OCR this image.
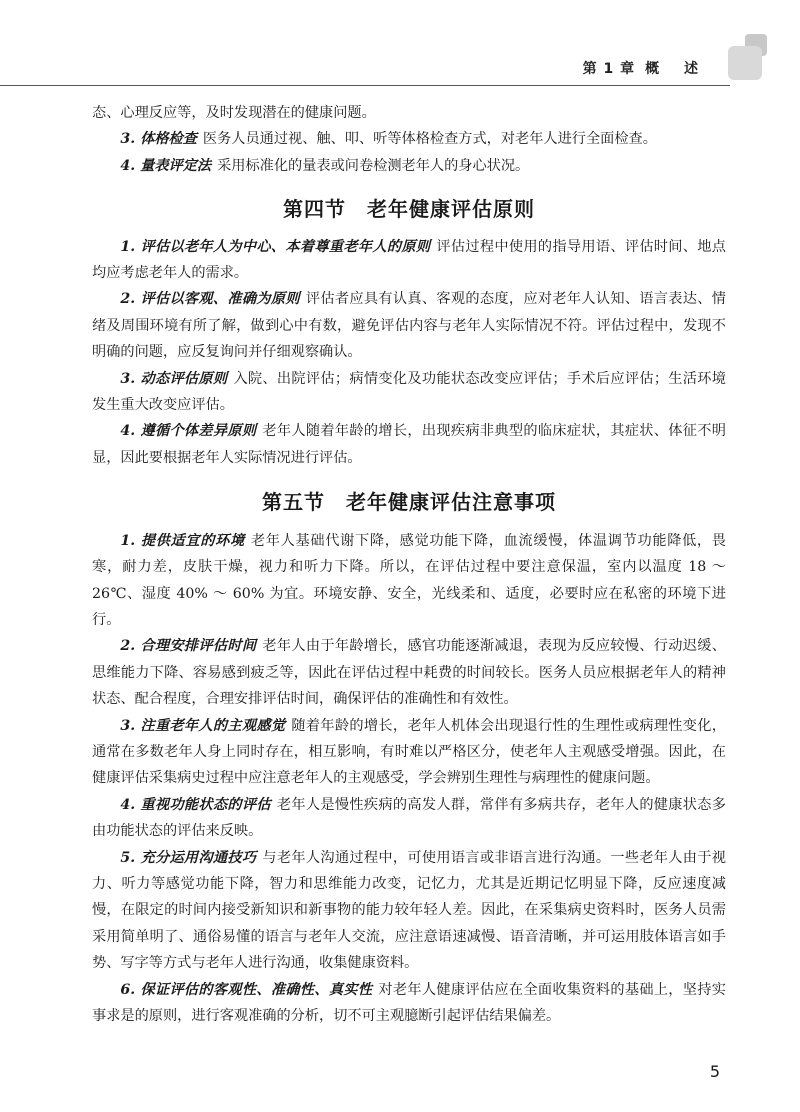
第 1 章 概 述

态、心理反应等，及时发现潜在的健康问题。

3. 体格检查 医务人员通过视、触、叩、听等体格检查方式，对老年人进行全面检查。

4. 量表评定法 采用标准化的量表或问卷检测老年人的身心状况。

第四节　老年健康评估原则

1. 评估以老年人为中心、本着尊重老年人的原则 评估过程中使用的指导用语、评估时间、地点均应考虑老年人的需求。

2. 评估以客观、准确为原则 评估者应具有认真、客观的态度，应对老年人认知、语言表达、情绪及周围环境有所了解，做到心中有数，避免评估内容与老年人实际情况不符。评估过程中，发现不明确的问题，应反复询问并仔细观察确认。

3. 动态评估原则 入院、出院评估；病情变化及功能状态改变应评估；手术后应评估；生活环境发生重大改变应评估。

4. 遵循个体差异原则 老年人随着年龄的增长，出现疾病非典型的临床症状，其症状、体征不明显，因此要根据老年人实际情况进行评估。

第五节　老年健康评估注意事项

1. 提供适宜的环境 老年人基础代谢下降，感觉功能下降，血流缓慢，体温调节功能降低，畏寒，耐力差，皮肤干燥，视力和听力下降。所以，在评估过程中要注意保温，室内以温度 18 ～ 26℃、湿度 40% ～ 60% 为宜。环境安静、安全，光线柔和、适度，必要时应在私密的环境下进行。

2. 合理安排评估时间 老年人由于年龄增长，感官功能逐渐减退，表现为反应较慢、行动迟缓、思维能力下降、容易感到疲乏等，因此在评估过程中耗费的时间较长。医务人员应根据老年人的精神状态、配合程度，合理安排评估时间，确保评估的准确性和有效性。

3. 注重老年人的主观感觉 随着年龄的增长，老年人机体会出现退行性的生理性或病理性变化，通常在多数老年人身上同时存在，相互影响，有时难以严格区分，使老年人主观感受增强。因此，在健康评估采集病史过程中应注意老年人的主观感受，学会辨别生理性与病理性的健康问题。

4. 重视功能状态的评估 老年人是慢性疾病的高发人群，常伴有多病共存，老年人的健康状态多由功能状态的评估来反映。

5. 充分运用沟通技巧 与老年人沟通过程中，可使用语言或非语言进行沟通。一些老年人由于视力、听力等感觉功能下降，智力和思维能力改变，记忆力，尤其是近期记忆明显下降，反应速度减慢，在限定的时间内接受新知识和新事物的能力较年轻人差。因此，在采集病史资料时，医务人员需采用简单明了、通俗易懂的语言与老年人交流，应注意语速减慢、语音清晰，并可运用肢体语言如手势、写字等方式与老年人进行沟通，收集健康资料。

6. 保证评估的客观性、准确性、真实性 对老年人健康评估应在全面收集资料的基础上，坚持实事求是的原则，进行客观准确的分析，切不可主观臆断引起评估结果偏差。

5
